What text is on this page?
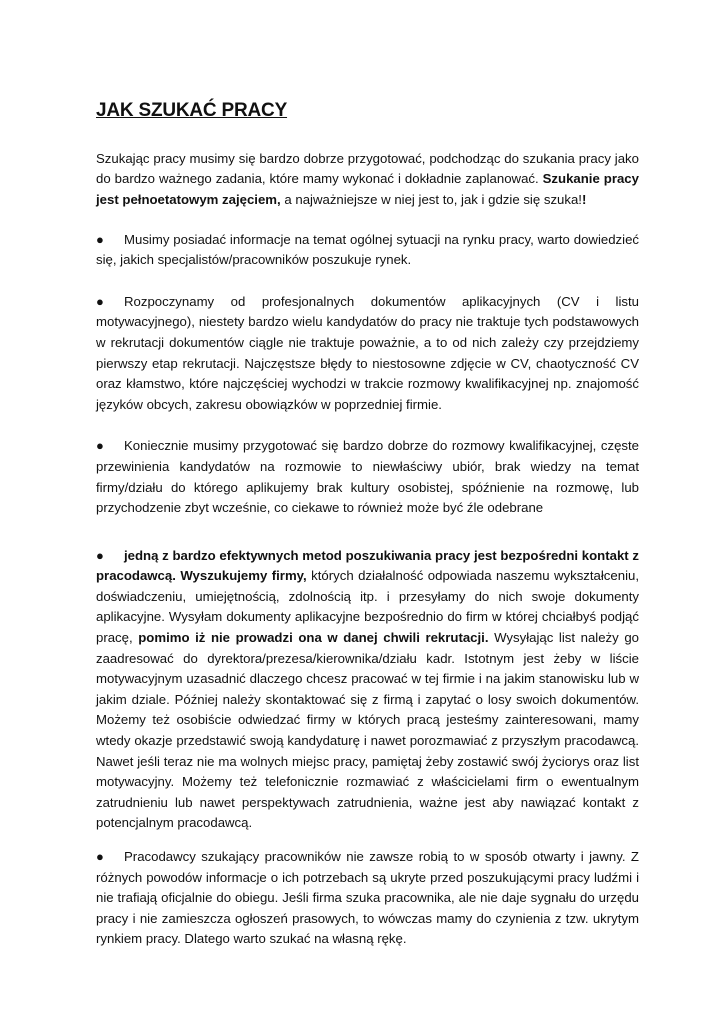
JAK SZUKAĆ PRACY

Szukając pracy musimy się bardzo dobrze przygotować, podchodząc do szukania pracy jako do bardzo ważnego zadania, które mamy wykonać i dokładnie zaplanować. Szukanie pracy jest pełnoetatowym zajęciem, a najważniejsze w niej jest to, jak i gdzie się szuka!!

● Musimy posiadać informacje na temat ogólnej sytuacji na rynku pracy, warto dowiedzieć się, jakich specjalistów/pracowników poszukuje rynek.

● Rozpoczynamy od profesjonalnych dokumentów aplikacyjnych (CV i listu motywacyjnego), niestety bardzo wielu kandydatów do pracy nie traktuje tych podstawowych w rekrutacji dokumentów ciągle nie traktuje poważnie, a to od nich zależy czy przejdziemy pierwszy etap rekrutacji. Najczęstsze błędy to niestosowne zdjęcie w CV, chaotyczność CV oraz kłamstwo, które najczęściej wychodzi w trakcie rozmowy kwalifikacyjnej np. znajomość języków obcych, zakresu obowiązków w poprzedniej firmie.

● Koniecznie musimy przygotować się bardzo dobrze do rozmowy kwalifikacyjnej, częste przewinienia kandydatów na rozmowie to niewłaściwy ubiór, brak wiedzy na temat firmy/działu do którego aplikujemy brak kultury osobistej, spóźnienie na rozmowę, lub przychodzenie zbyt wcześnie, co ciekawe to również może być źle odebrane

● jedną z bardzo efektywnych metod poszukiwania pracy jest bezpośredni kontakt z pracodawcą. Wyszukujemy firmy, których działalność odpowiada naszemu wykształceniu, doświadczeniu, umiejętnością, zdolnością itp. i przesyłamy do nich swoje dokumenty aplikacyjne. Wysyłam dokumenty aplikacyjne bezpośrednio do firm w której chciałbyś podjąć pracę, pomimo iż nie prowadzi ona w danej chwili rekrutacji. Wysyłając list należy go zaadresować do dyrektora/prezesa/kierownika/działu kadr. Istotnym jest żeby w liście motywacyjnym uzasadnić dlaczego chcesz pracować w tej firmie i na jakim stanowisku lub w jakim dziale. Później należy skontaktować się z firmą i zapytać o losy swoich dokumentów. Możemy też osobiście odwiedzać firmy w których pracą jesteśmy zainteresowani, mamy wtedy okazje przedstawić swoją kandydaturę i nawet porozmawiać z przyszłym pracodawcą. Nawet jeśli teraz nie ma wolnych miejsc pracy, pamiętaj żeby zostawić swój życiorys oraz list motywacyjny. Możemy też telefonicznie rozmawiać z właścicielami firm o ewentualnym zatrudnieniu lub nawet perspektywach zatrudnienia, ważne jest aby nawiązać kontakt z potencjalnym pracodawcą.

● Pracodawcy szukający pracowników nie zawsze robią to w sposób otwarty i jawny. Z różnych powodów informacje o ich potrzebach są ukryte przed poszukującymi pracy ludźmi i nie trafiają oficjalnie do obiegu. Jeśli firma szuka pracownika, ale nie daje sygnału do urzędu pracy i nie zamieszcza ogłoszeń prasowych, to wówczas mamy do czynienia z tzw. ukrytym rynkiem pracy. Dlatego warto szukać na własną rękę.
